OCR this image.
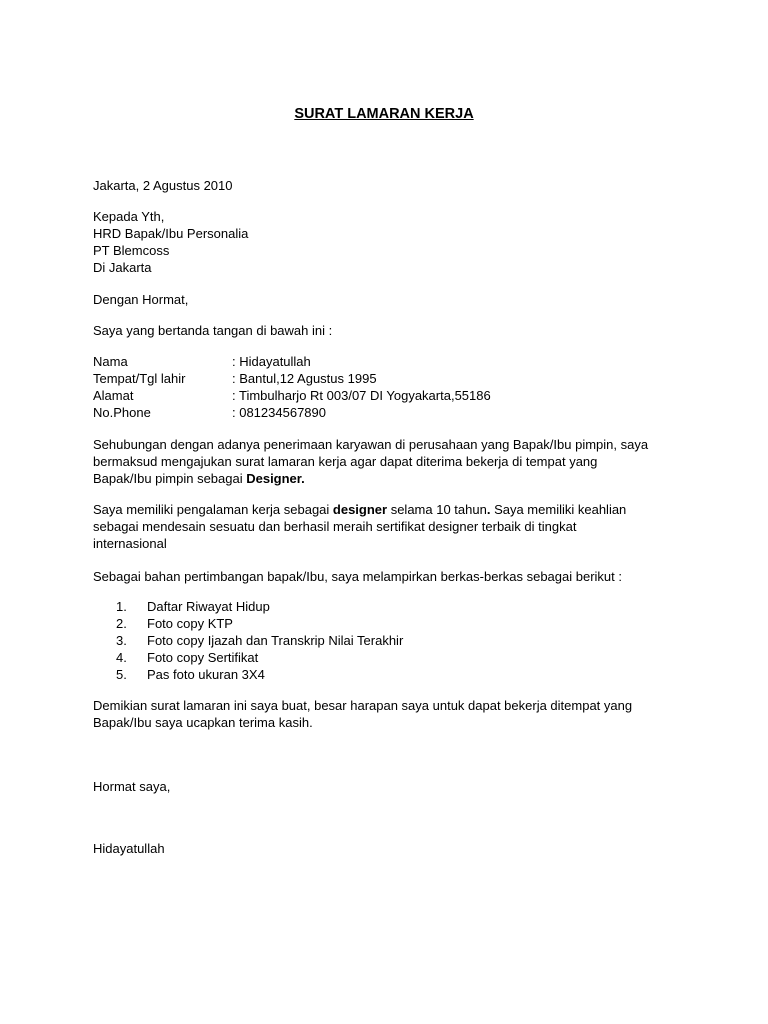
SURAT LAMARAN KERJA
Jakarta, 2 Agustus 2010
Kepada Yth,
HRD Bapak/Ibu Personalia
PT Blemcoss
Di Jakarta
Dengan Hormat,
Saya yang bertanda tangan di bawah ini :
Nama	: Hidayatullah
Tempat/Tgl lahir	: Bantul,12 Agustus 1995
Alamat	: Timbulharjo Rt 003/07 DI Yogyakarta,55186
No.Phone	: 081234567890
Sehubungan dengan adanya penerimaan karyawan di perusahaan yang Bapak/Ibu pimpin, saya
bermaksud mengajukan surat lamaran kerja agar dapat diterima bekerja di tempat yang
Bapak/Ibu pimpin sebagai Designer.
Saya memiliki pengalaman kerja sebagai designer selama 10 tahun. Saya memiliki keahlian
sebagai mendesain sesuatu dan berhasil meraih sertifikat designer terbaik di tingkat
internasional
Sebagai bahan pertimbangan bapak/Ibu, saya melampirkan berkas-berkas sebagai berikut :
1. Daftar Riwayat Hidup
2. Foto copy KTP
3. Foto copy Ijazah dan Transkrip Nilai Terakhir
4. Foto copy Sertifikat
5. Pas foto ukuran 3X4
Demikian surat lamaran ini saya buat, besar harapan saya untuk dapat bekerja ditempat yang
Bapak/Ibu saya ucapkan terima kasih.
Hormat saya,
Hidayatullah
